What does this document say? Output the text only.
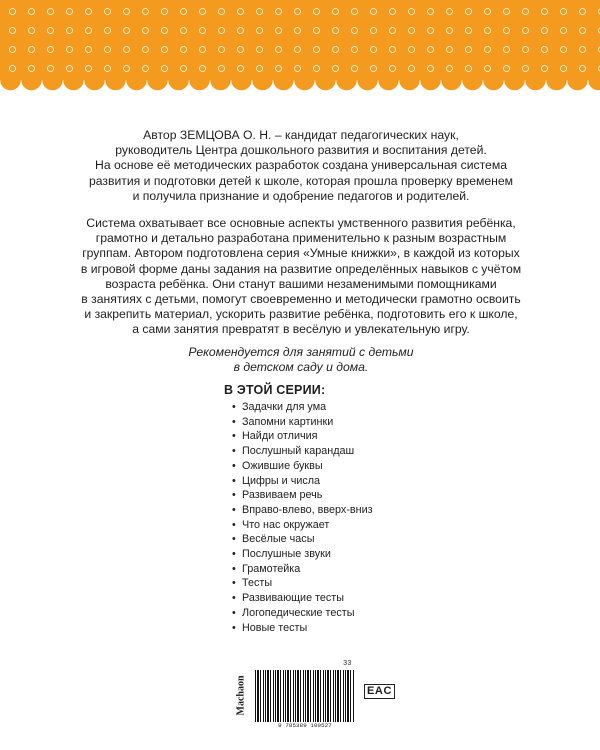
Автор ЗЕМЦОВА О. Н. – кандидат педагогических наук,
руководитель Центра дошкольного развития и воспитания детей.
На основе её методических разработок создана универсальная система
развития и подготовки детей к школе, которая прошла проверку временем
и получила признание и одобрение педагогов и родителей.
Система охватывает все основные аспекты умственного развития ребёнка,
грамотно и детально разработана применительно к разным возрастным
группам. Автором подготовлена серия «Умные книжки», в каждой из которых
в игровой форме даны задания на развитие определённых навыков с учётом
возраста ребёнка. Они станут вашими незаменимыми помощниками
в занятиях с детьми, помогут своевременно и методически грамотно освоить
и закрепить материал, ускорить развитие ребёнка, подготовить его к школе,
а сами занятия превратят в весёлую и увлекательную игру.
Рекомендуется для занятий с детьми
в детском саду и дома.
В ЭТОЙ СЕРИИ:
• Задачки для ума
• Запомни картинки
• Найди отличия
• Послушный карандаш
• Ожившие буквы
• Цифры и числа
• Развиваем речь
• Вправо-влево, вверх-вниз
• Что нас окружает
• Весёлые часы
• Послушные звуки
• Грамотейка
• Тесты
• Развивающие тесты
• Логопедические тесты
• Новые тесты
Machaon
33
9 785389 100527
EAC
